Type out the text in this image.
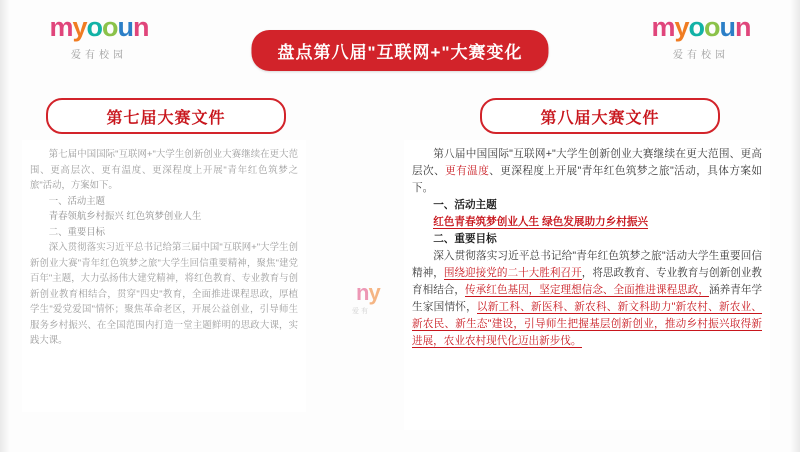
myooun
爱有校园
myooun
爱有校园
盘点第八届"互联网+"大赛变化
第七届大赛文件	第八届大赛文件

第七届中国国际"互联网+"大学生创新创业大赛继续在更大范围、更高层次、更有温度、更深程度上开展"青年红色筑梦之旅"活动，方案如下。

一、活动主题

青春领航乡村振兴 红色筑梦创业人生

二、重要目标

深入贯彻落实习近平总书记给第三届中国"互联网+"大学生创新创业大赛"青年红色筑梦之旅"大学生回信重要精神，聚焦"建党百年"主题，大力弘扬伟大建党精神，将红色教育、专业教育与创新创业教育相结合，贯穿"四史"教育，全面推进课程思政，厚植学生"爱党爱国"情怀；聚焦革命老区，开展公益创业，引导师生服务乡村振兴、在全国范围内打造一堂主题鲜明的思政大课，实践大课。

第八届中国国际"互联网+"大学生创新创业大赛继续在更大范围、更高层次、更有温度、更深程度上开展"青年红色筑梦之旅"活动，具体方案如下。

一、活动主题

红色青春筑梦创业人生 绿色发展助力乡村振兴

二、重要目标

深入贯彻落实习近平总书记给"青年红色筑梦之旅"活动大学生重要回信精神，围绕迎接党的二十大胜利召开，将思政教育、专业教育与创新创业教育相结合，传承红色基因，坚定理想信念、全面推进课程思政，涵养青年学生家国情怀，以新工科、新医科、新农科、新文科助力"新农村、新农业、新农民、新生态"建设，引导师生把握基层创新创业，推动乡村振兴取得新进展，农业农村现代化迈出新步伐。

ny
爱有
